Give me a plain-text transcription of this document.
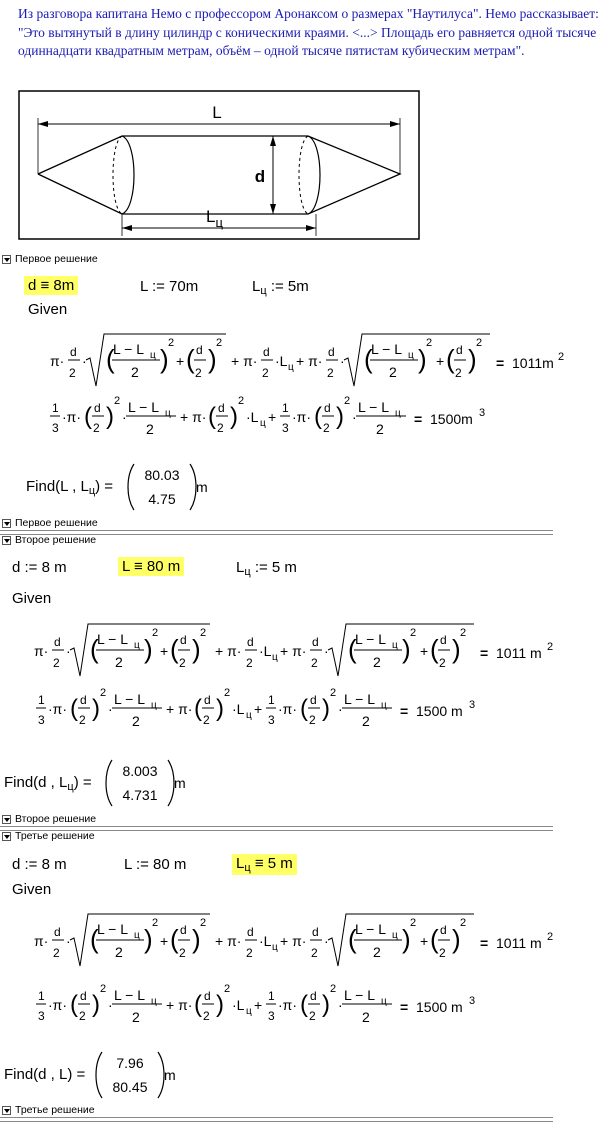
Из разговора капитана Немо с профессором Аронаксом о размерах "Наутилуса". Немо рассказывает: "Это вытянутый в длину цилиндр с коническими краями. <...> Площадь его равняется одной тысяче одиннадцати квадратным метрам, объём – одной тысяче пятистам кубическим метрам".
L
d
$L_ц$
Первое решение
d ≡ 8m	L := 70m	$L_ц$ := 5m
Given
π·
d
2
· (
L − L ц
2 )
2
+ ( d
2 )
2
+ π·
d
2
·L ц + π·
d
2
· (
L − L ц
2 )
2
+ ( d
2 )
2
= 1011m 2
1
3
·π· ( d
2 )
2
·
L − L ц
2
+ π· ( d
2 )
2
·L ц +
1
3
·π· ( d
2 )
2
·
L − L ц
2
= 1500m 3
Find(L , $L_ц$) =
80.03
4.75
m
Первое решение
Второе решение
d := 8 m	L ≡ 80 m	$L_ц$ := 5 m
Given
π·
d
2
· (
L − L ц
2 )
2
+ ( d
2 )
2
+ π·
d
2
·L ц + π·
d
2
· (
L − L ц
2 )
2
+ ( d
2 )
2
= 1011 m 2
1
3
·π· ( d
2 )
2
·
L − L ц
2
+ π· ( d
2 )
2
·L ц +
1
3
·π· ( d
2 )
2
·
L − L ц
2
= 1500 m 3
Find(d , $L_ц$) =
8.003
4.731
m
Второе решение
Третье решение
d := 8 m	L := 80 m	$L_ц \equiv 5$ m
Given
π·
d
2
· (
L − L ц
2 )
2
+ ( d
2 )
2
+ π·
d
2
·L ц + π·
d
2
· (
L − L ц
2 )
2
+ ( d
2 )
2
= 1011 m 2
1
3
·π· ( d
2 )
2
·
L − L ц
2
+ π· ( d
2 )
2
·L ц +
1
3
·π· ( d
2 )
2
·
L − L ц
2
= 1500 m 3
Find(d , L) =
7.96
80.45
m
Третье решение
